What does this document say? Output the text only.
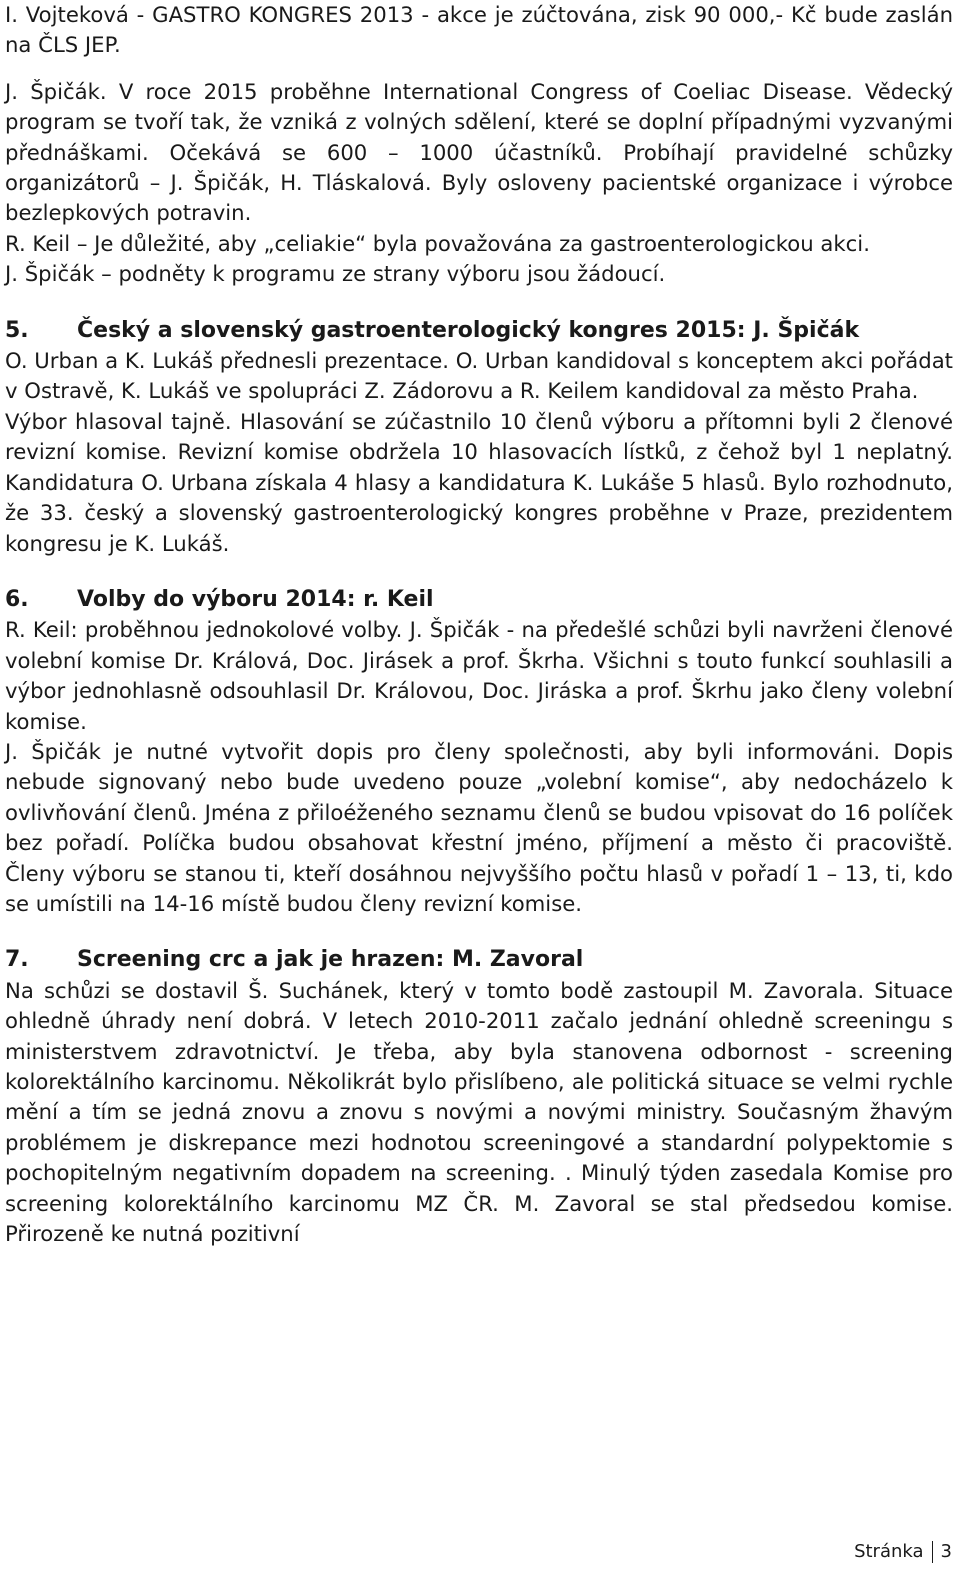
I. Vojteková - GASTRO KONGRES 2013 - akce je zúčtována, zisk 90 000,- Kč bude zaslán na ČLS JEP.

J. Špičák. V roce 2015 proběhne International Congress of Coeliac Disease. Vědecký program se tvoří tak, že vzniká z volných sdělení, které se doplní případnými vyzvanými přednáškami. Očekává se 600 – 1000 účastníků. Probíhají pravidelné schůzky organizátorů – J. Špičák, H. Tláskalová. Byly osloveny pacientské organizace i výrobce bezlepkových potravin.

R. Keil – Je důležité, aby „celiakie“ byla považována za gastroenterologickou akci.

J. Špičák – podněty k programu ze strany výboru jsou žádoucí.

5.	Český a slovenský gastroenterologický kongres 2015: J. Špičák

O. Urban a K. Lukáš přednesli prezentace. O. Urban kandidoval s konceptem akci pořádat v Ostravě, K. Lukáš ve spolupráci Z. Zádorovu a R. Keilem kandidoval za město Praha.

Výbor hlasoval tajně. Hlasování se zúčastnilo 10 členů výboru a přítomni byli 2 členové revizní komise. Revizní komise obdržela 10 hlasovacích lístků, z čehož byl 1 neplatný. Kandidatura O. Urbana získala 4 hlasy a kandidatura K. Lukáše 5 hlasů. Bylo rozhodnuto, že 33. český a slovenský gastroenterologický kongres proběhne v Praze, prezidentem kongresu je K. Lukáš.

6.	Volby do výboru 2014: r. Keil

R. Keil: proběhnou jednokolové volby. J. Špičák - na předešlé schůzi byli navrženi členové volební komise Dr. Králová, Doc. Jirásek a prof. Škrha. Všichni s touto funkcí souhlasili a výbor jednohlasně odsouhlasil Dr. Královou, Doc. Jiráska a prof. Škrhu jako členy volební komise.

J. Špičák je nutné vytvořit dopis pro členy společnosti, aby byli informováni. Dopis nebude signovaný nebo bude uvedeno pouze „volební komise“, aby nedocházelo k ovlivňování členů. Jména z přiloéženého seznamu členů se budou vpisovat do 16 políček bez pořadí. Políčka budou obsahovat křestní jméno, příjmení a město či pracoviště. Členy výboru se stanou ti, kteří dosáhnou nejvyššího počtu hlasů v pořadí 1 – 13, ti, kdo se umístili na 14-16 místě budou členy revizní komise.

7.	Screening crc a jak je hrazen: M. Zavoral

Na schůzi se dostavil Š. Suchánek, který v tomto bodě zastoupil M. Zavorala. Situace ohledně úhrady není dobrá. V letech 2010-2011 začalo jednání ohledně screeningu s ministerstvem zdravotnictví. Je třeba, aby byla stanovena odbornost - screening kolorektálního karcinomu. Několikrát bylo přislíbeno, ale politická situace se velmi rychle mění a tím se jedná znovu a znovu s novými a novými ministry. Současným žhavým problémem je diskrepance mezi hodnotou screeningové a standardní polypektomie s pochopitelným negativním dopadem na screening. . Minulý týden zasedala Komise pro screening kolorektálního karcinomu MZ ČR. M. Zavoral se stal předsedou komise. Přirozeně ke nutná pozitivní

Stránka 3
